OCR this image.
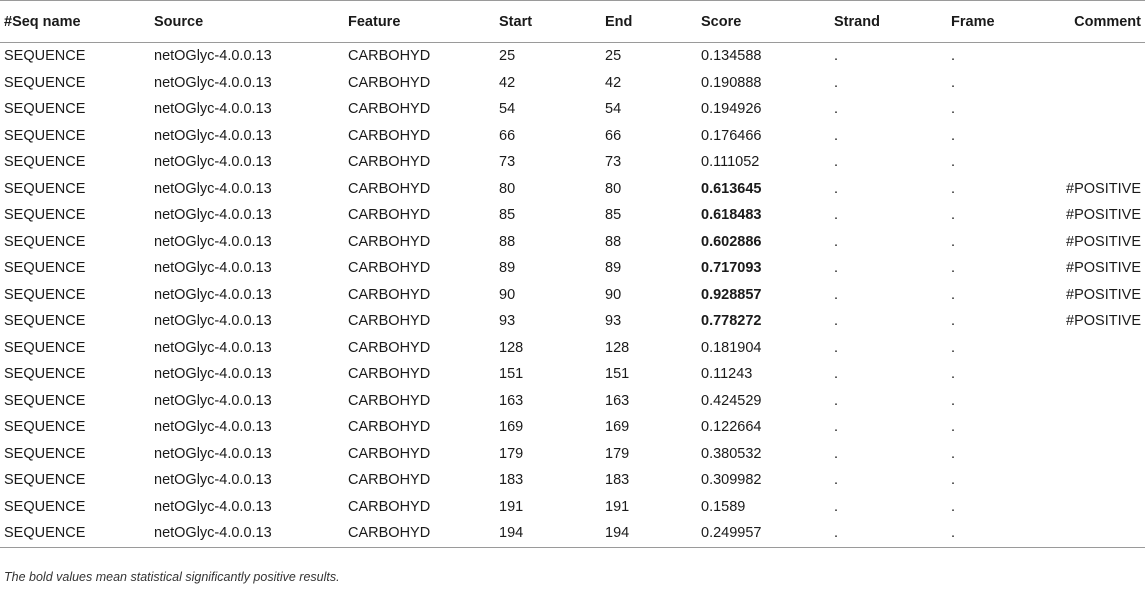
#Seq name	Source	Feature	Start	End	Score	Strand	Frame	Comment
SEQUENCE	netOGlyc-4.0.0.13	CARBOHYD	25	25	0.134588	.	.	
SEQUENCE	netOGlyc-4.0.0.13	CARBOHYD	42	42	0.190888	.	.	
SEQUENCE	netOGlyc-4.0.0.13	CARBOHYD	54	54	0.194926	.	.	
SEQUENCE	netOGlyc-4.0.0.13	CARBOHYD	66	66	0.176466	.	.	
SEQUENCE	netOGlyc-4.0.0.13	CARBOHYD	73	73	0.111052	.	.	
SEQUENCE	netOGlyc-4.0.0.13	CARBOHYD	80	80	0.613645	.	.	#POSITIVE
SEQUENCE	netOGlyc-4.0.0.13	CARBOHYD	85	85	0.618483	.	.	#POSITIVE
SEQUENCE	netOGlyc-4.0.0.13	CARBOHYD	88	88	0.602886	.	.	#POSITIVE
SEQUENCE	netOGlyc-4.0.0.13	CARBOHYD	89	89	0.717093	.	.	#POSITIVE
SEQUENCE	netOGlyc-4.0.0.13	CARBOHYD	90	90	0.928857	.	.	#POSITIVE
SEQUENCE	netOGlyc-4.0.0.13	CARBOHYD	93	93	0.778272	.	.	#POSITIVE
SEQUENCE	netOGlyc-4.0.0.13	CARBOHYD	128	128	0.181904	.	.	
SEQUENCE	netOGlyc-4.0.0.13	CARBOHYD	151	151	0.11243	.	.	
SEQUENCE	netOGlyc-4.0.0.13	CARBOHYD	163	163	0.424529	.	.	
SEQUENCE	netOGlyc-4.0.0.13	CARBOHYD	169	169	0.122664	.	.	
SEQUENCE	netOGlyc-4.0.0.13	CARBOHYD	179	179	0.380532	.	.	
SEQUENCE	netOGlyc-4.0.0.13	CARBOHYD	183	183	0.309982	.	.	
SEQUENCE	netOGlyc-4.0.0.13	CARBOHYD	191	191	0.1589	.	.	
SEQUENCE	netOGlyc-4.0.0.13	CARBOHYD	194	194	0.249957	.	.	
The bold values mean statistical significantly positive results.
